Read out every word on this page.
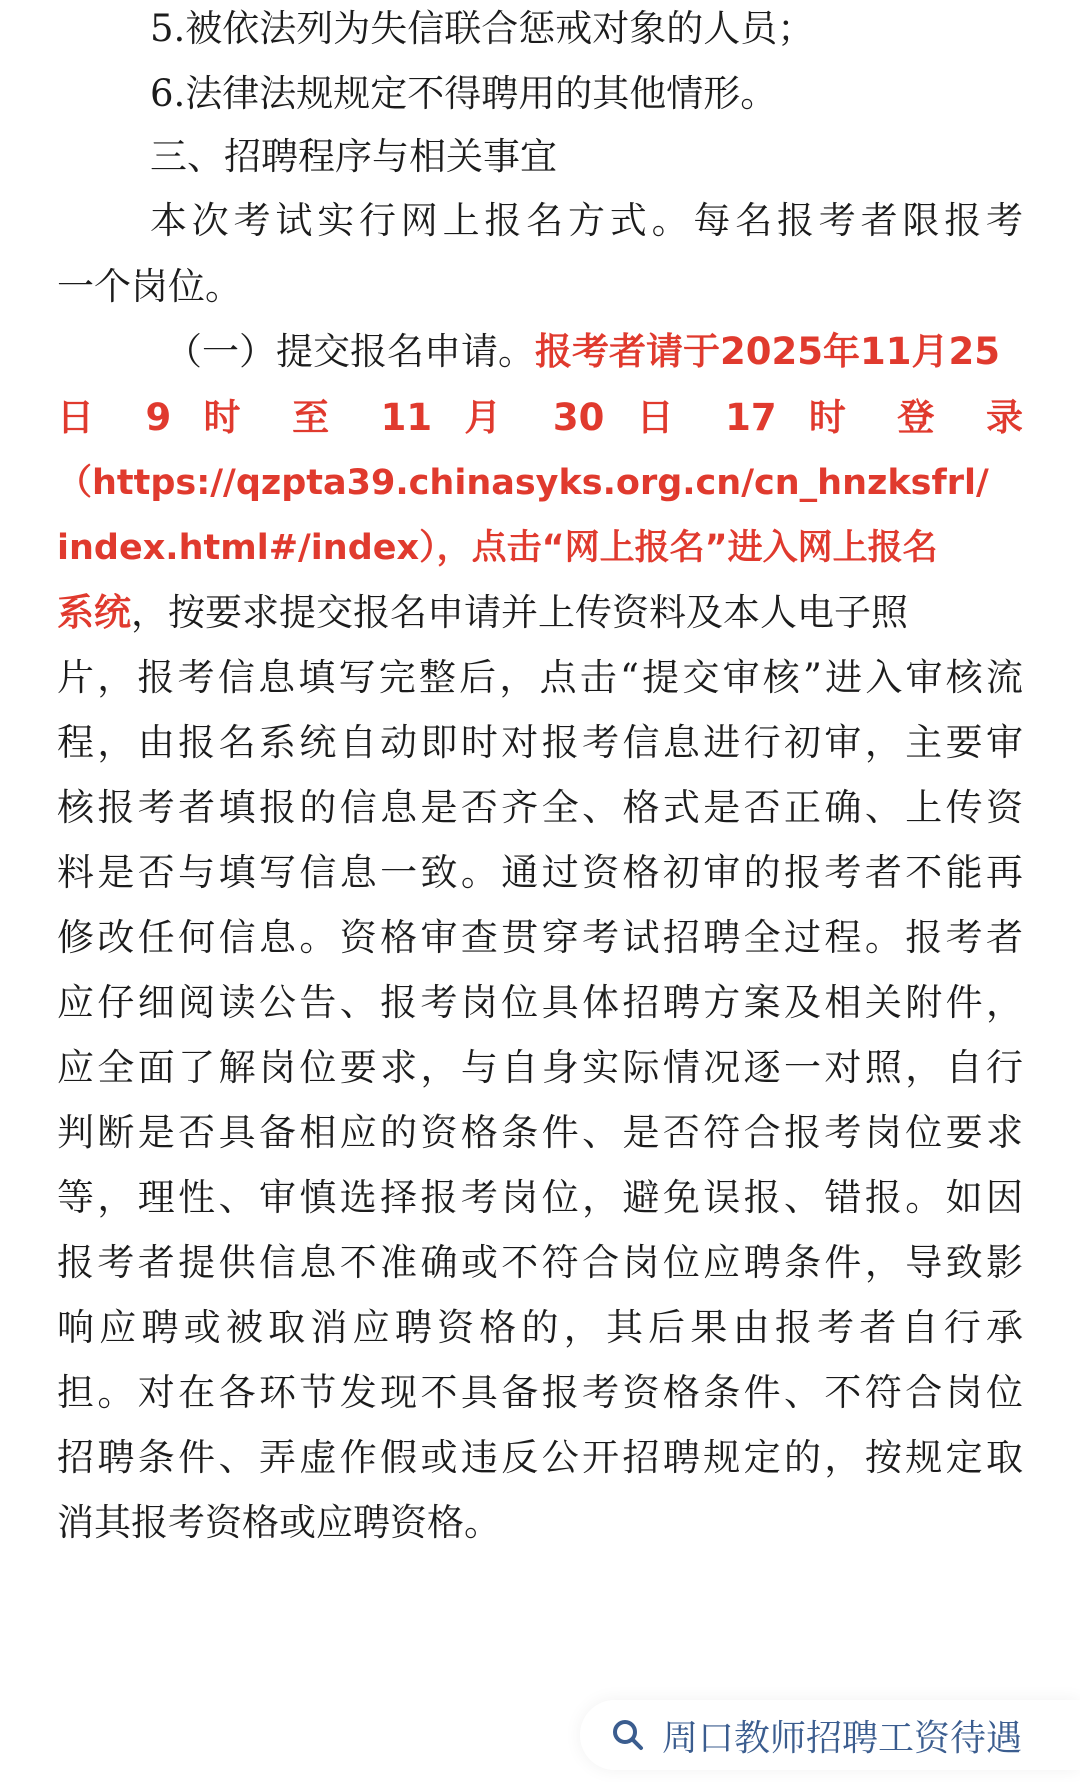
5.被依法列为失信联合惩戒对象的人员；
6.法律法规规定不得聘用的其他情形。
三、招聘程序与相关事宜
本次考试实行网上报名方式。每名报考者限报考
一个岗位。
（一）提交报名申请。报考者请于2025年11月25
日 9 时 至 11 月 30 日 17 时 登 录
（https://qzpta39.chinasyks.org.cn/cn_hnzksfrl/
index.html#/index），点击“网上报名”进入网上报名
系统，按要求提交报名申请并上传资料及本人电子照
片，报考信息填写完整后，点击“提交审核”进入审核流
程，由报名系统自动即时对报考信息进行初审，主要审
核报考者填报的信息是否齐全、格式是否正确、上传资
料是否与填写信息一致。通过资格初审的报考者不能再
修改任何信息。资格审查贯穿考试招聘全过程。报考者
应仔细阅读公告、报考岗位具体招聘方案及相关附件，
应全面了解岗位要求，与自身实际情况逐一对照，自行
判断是否具备相应的资格条件、是否符合报考岗位要求
等，理性、审慎选择报考岗位，避免误报、错报。如因
报考者提供信息不准确或不符合岗位应聘条件，导致影
响应聘或被取消应聘资格的，其后果由报考者自行承
担。对在各环节发现不具备报考资格条件、不符合岗位
招聘条件、弄虚作假或违反公开招聘规定的，按规定取
消其报考资格或应聘资格。
周口教师招聘工资待遇
